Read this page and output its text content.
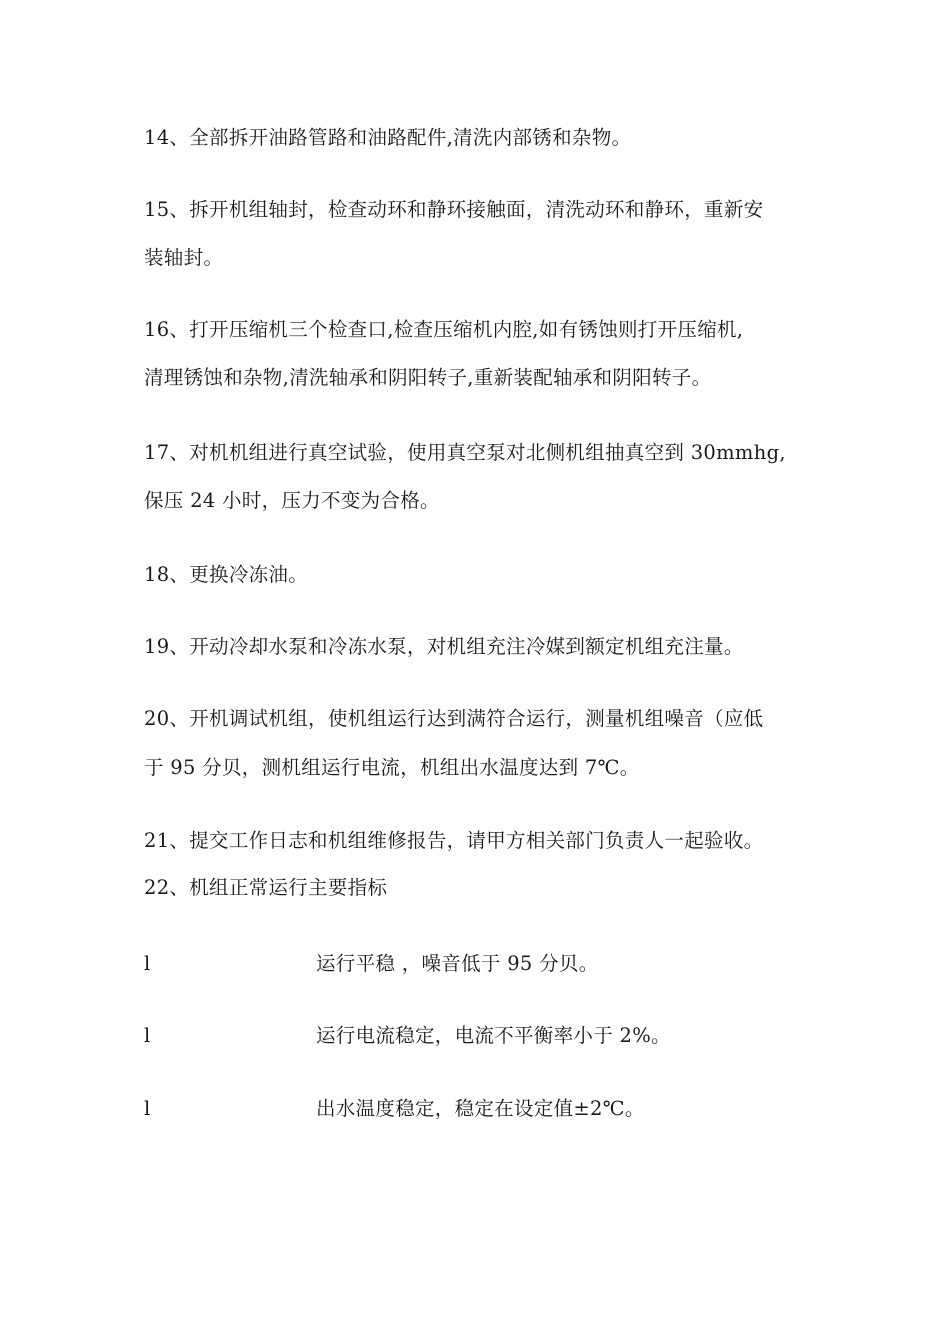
14、全部拆开油路管路和油路配件,清洗内部锈和杂物。
15、拆开机组轴封，检查动环和静环接触面，清洗动环和静环，重新安
装轴封。
16、打开压缩机三个检查口,检查压缩机内腔,如有锈蚀则打开压缩机,
清理锈蚀和杂物,清洗轴承和阴阳转子,重新装配轴承和阴阳转子。
17、对机机组进行真空试验，使用真空泵对北侧机组抽真空到 30mmhg,
保压 24 小时，压力不变为合格。
18、更换冷冻油。
19、开动冷却水泵和冷冻水泵，对机组充注冷媒到额定机组充注量。
20、开机调试机组，使机组运行达到满符合运行，测量机组噪音（应低
于 95 分贝，测机组运行电流，机组出水温度达到 7℃。
21、提交工作日志和机组维修报告，请甲方相关部门负责人一起验收。
22、机组正常运行主要指标
l	运行平稳 ，噪音低于 95 分贝。
l	运行电流稳定，电流不平衡率小于 2%。
l	出水温度稳定，稳定在设定值±2℃。
